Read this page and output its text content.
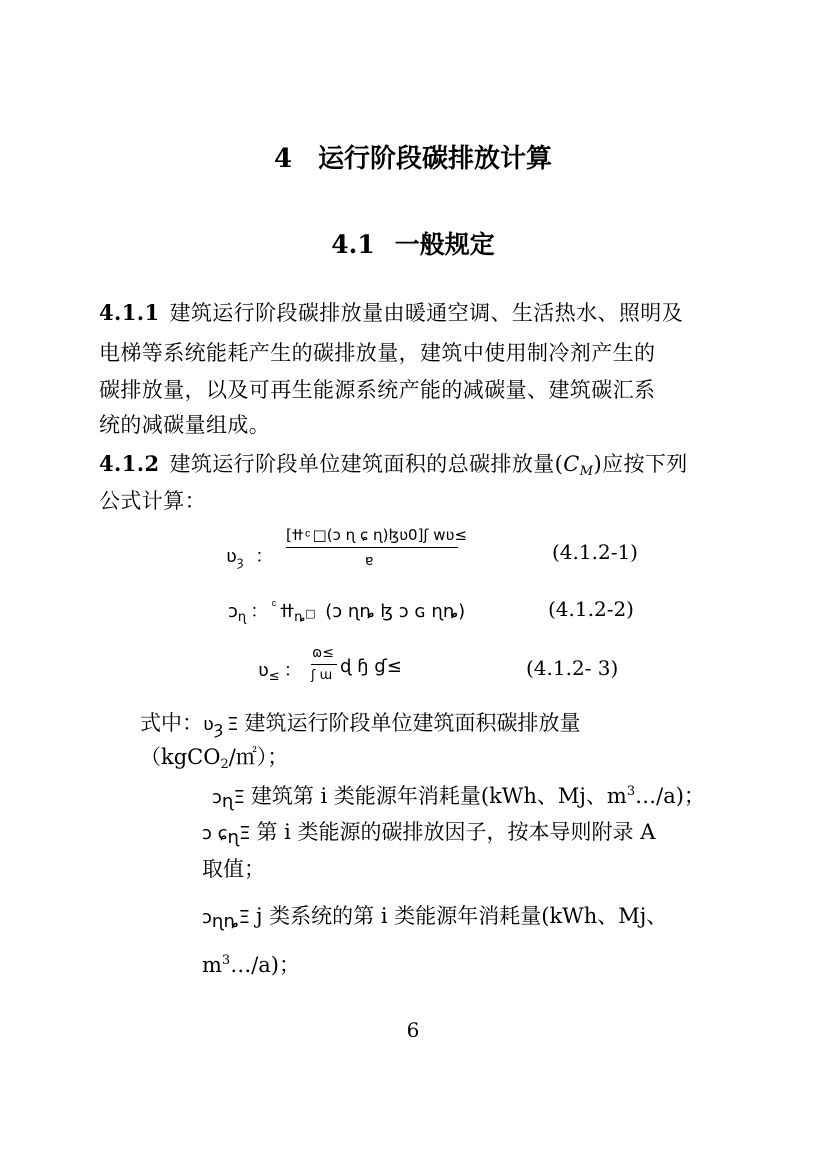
4 运行阶段碳排放计算
4.1 一般规定
4.1.1 建筑运行阶段碳排放量由暖通空调、生活热水、照明及
电梯等系统能耗产生的碳排放量，建筑中使用制冷剂产生的
碳排放量，以及可再生能源系统产能的减碳量、建筑碳汇系
统的减碳量组成。
4.1.2 建筑运行阶段单位建筑面积的总碳排放量$(C_M)$应按下列
公式计算：
ʋ$_ȝ$ ：
[ߚ ͨ □(ɔ ɳ ɕ ɳ)ɮʋ0]ʃ wʋ≤
ɐ	(4.1.2-1)
ɔ$_ɳ$ ： ߚ$_ȵ$□ (ɔ ɳȵ ɮ ɔ ɢ ɳȵ)	(4.1.2-2)
ʋ$_\le$ ：
ɷ≤
ʃ ɯ ɖ ɧ ɠ≤	(4.1.2- 3)
式中：ʋȝ Ξ 建筑运行阶段单位建筑面积碳排放量
（kgCO$_2$/㎡）；
ɔɳΞ 建筑第 i 类能源年消耗量(kWh、Mj、$m^3\dots/a$)；
ɔ ɕɳΞ 第 i 类能源的碳排放因子，按本导则附录 A
取值；
ɔɳȵΞ j 类系统的第 i 类能源年消耗量(kWh、Mj、
$m^3\dots/a$)；
6
